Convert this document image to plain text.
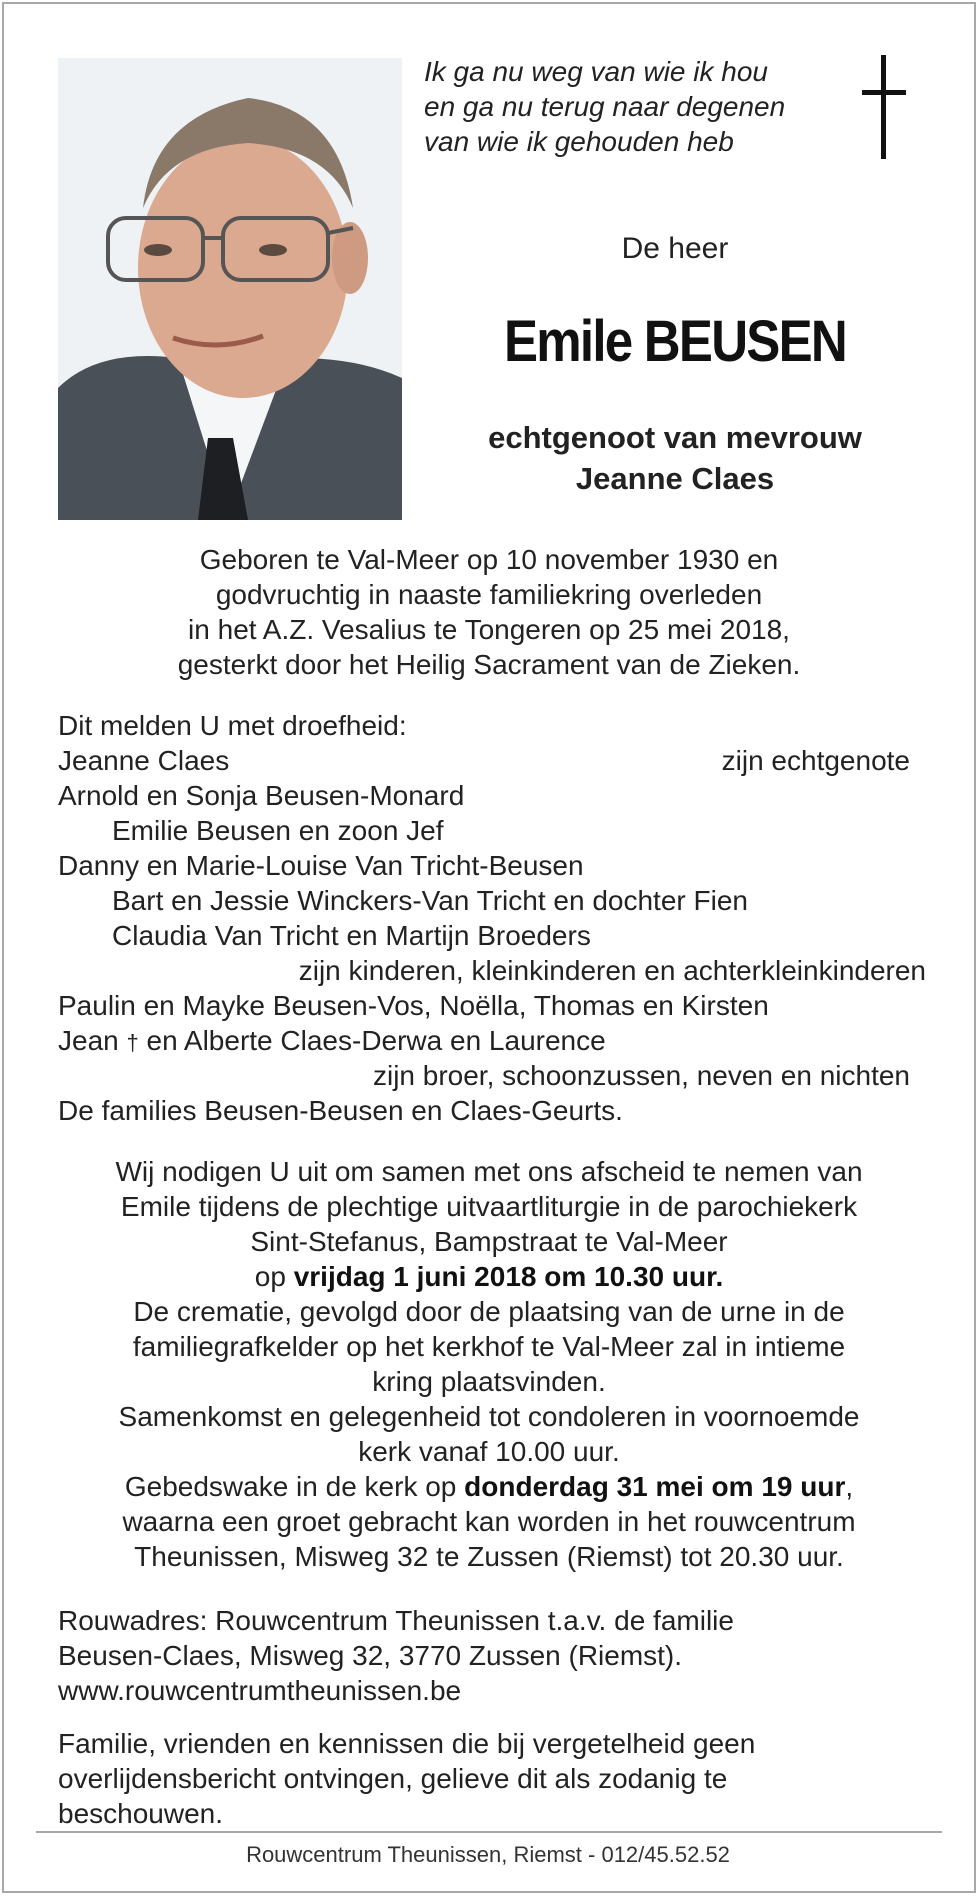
Ik ga nu weg van wie ik hou
en ga nu terug naar degenen
van wie ik gehouden heb
De heer
Emile BEUSEN
echtgenoot van mevrouw
Jeanne Claes
Geboren te Val-Meer op 10 november 1930 en
godvruchtig in naaste familiekring overleden
in het A.Z. Vesalius te Tongeren op 25 mei 2018,
gesterkt door het Heilig Sacrament van de Zieken.
Dit melden U met droefheid:
Jeanne Claes	zijn echtgenote
Arnold en Sonja Beusen-Monard
Emilie Beusen en zoon Jef
Danny en Marie-Louise Van Tricht-Beusen
Bart en Jessie Winckers-Van Tricht en dochter Fien
Claudia Van Tricht en Martijn Broeders
zijn kinderen, kleinkinderen en achterkleinkinderen
Paulin en Mayke Beusen-Vos, Noëlla, Thomas en Kirsten
Jean † en Alberte Claes-Derwa en Laurence
zijn broer, schoonzussen, neven en nichten
De families Beusen-Beusen en Claes-Geurts.
Wij nodigen U uit om samen met ons afscheid te nemen van
Emile tijdens de plechtige uitvaartliturgie in de parochiekerk
Sint-Stefanus, Bampstraat te Val-Meer
op vrijdag 1 juni 2018 om 10.30 uur.
De crematie, gevolgd door de plaatsing van de urne in de
familiegrafkelder op het kerkhof te Val-Meer zal in intieme
kring plaatsvinden.
Samenkomst en gelegenheid tot condoleren in voornoemde
kerk vanaf 10.00 uur.
Gebedswake in de kerk op donderdag 31 mei om 19 uur,
waarna een groet gebracht kan worden in het rouwcentrum
Theunissen, Misweg 32 te Zussen (Riemst) tot 20.30 uur.
Rouwadres: Rouwcentrum Theunissen t.a.v. de familie
Beusen-Claes, Misweg 32, 3770 Zussen (Riemst).
www.rouwcentrumtheunissen.be
Familie, vrienden en kennissen die bij vergetelheid geen
overlijdensbericht ontvingen, gelieve dit als zodanig te
beschouwen.
Rouwcentrum Theunissen, Riemst - 012/45.52.52
